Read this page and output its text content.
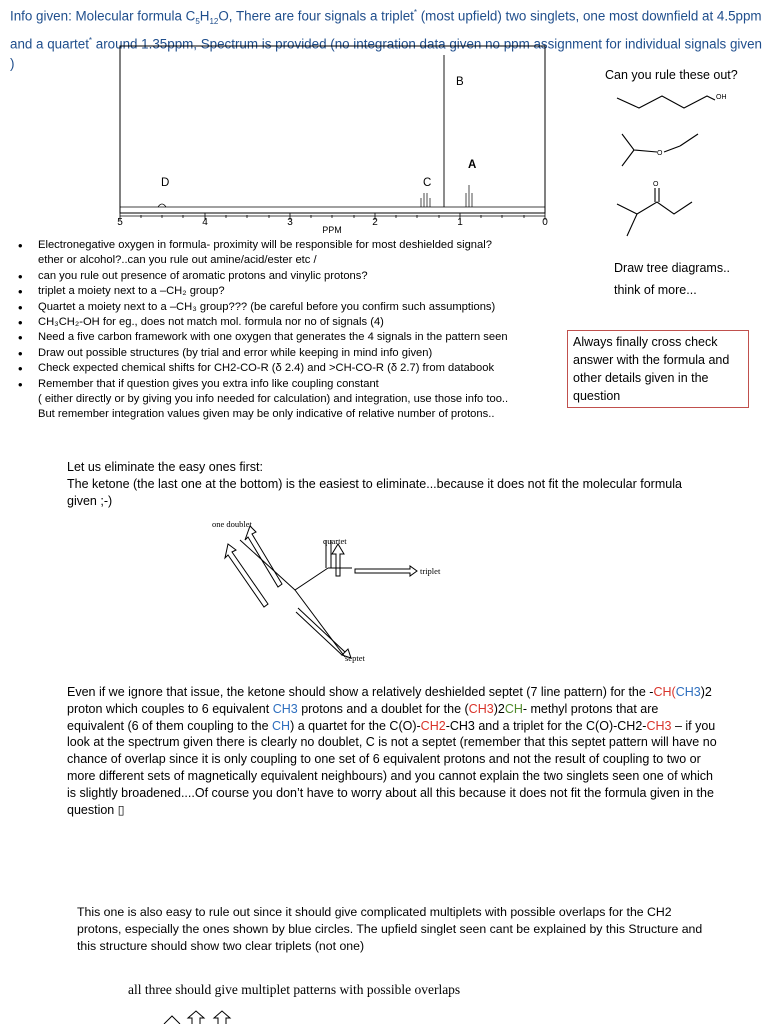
Info given: Molecular formula $C_5H_{12}O$, There are four signals a triplet* (most upfield) two singlets, one most downfield at 4.5ppm and a quartet* around 1.35ppm, Spectrum is provided (no integration data given no ppm assignment for individual signals given )
5	4	3	2	1	0
PPM
B
A
C
D
Can you rule these out?
OH
O
O
Draw tree diagrams..
think of more...
Always finally cross check answer with the formula and other details given in the question
• Electronegative oxygen in formula- proximity will be responsible for most deshielded signal?
ether or alcohol?..can you rule out amine/acid/ester etc /
• can you rule out presence of aromatic protons and vinylic protons?
• triplet a moiety next to a –CH₂ group?
• Quartet a moiety next to a –CH₃ group??? (be careful before you confirm such assumptions)
• CH₃CH₂-OH for eg., does not match mol. formula nor no of signals (4)
• Need a five carbon framework with one oxygen that generates the 4 signals in the pattern seen
• Draw out possible structures (by trial and error while keeping in mind info given)
• Check expected chemical shifts for CH2-CO-R (δ 2.4) and >CH-CO-R (δ 2.7) from databook
• Remember that if question gives you extra info like coupling constant
( either directly or by giving you info needed for calculation) and integration, use those info too..
But remember integration values given may be only indicative of relative number of protons..
Let us eliminate the easy ones first:
The ketone (the last one at the bottom) is the easiest to eliminate...because it does not fit the molecular formula given ;-)
one doublet
quartet
triplet
septet
Even if we ignore that issue, the ketone should show a relatively deshielded septet (7 line pattern) for the -CH(CH3)2 proton which couples to 6 equivalent CH3 protons and a doublet for the (CH3)2CH- methyl protons that are equivalent (6 of them coupling to the CH) a quartet for the C(O)-CH2-CH3 and a triplet for the C(O)-CH2-CH3 – if you look at the spectrum given there is clearly no doublet, C is not a septet (remember that this septet pattern will have no chance of overlap since it is only coupling to one set of 6 equivalent protons and not the result of coupling to two or more different sets of magnetically equivalent neighbours) and you cannot explain the two singlets seen one of which is slightly broadened....Of course you don’t have to worry about all this because it does not fit the formula given in the question ▯
This one is also easy to rule out since it should give complicated multiplets with possible overlaps for the CH2 protons, especially the ones shown by blue circles. The upfield singlet seen cant be explained by this Structure and this structure should show two clear triplets (not one)
all three should give multiplet patterns with possible overlaps
